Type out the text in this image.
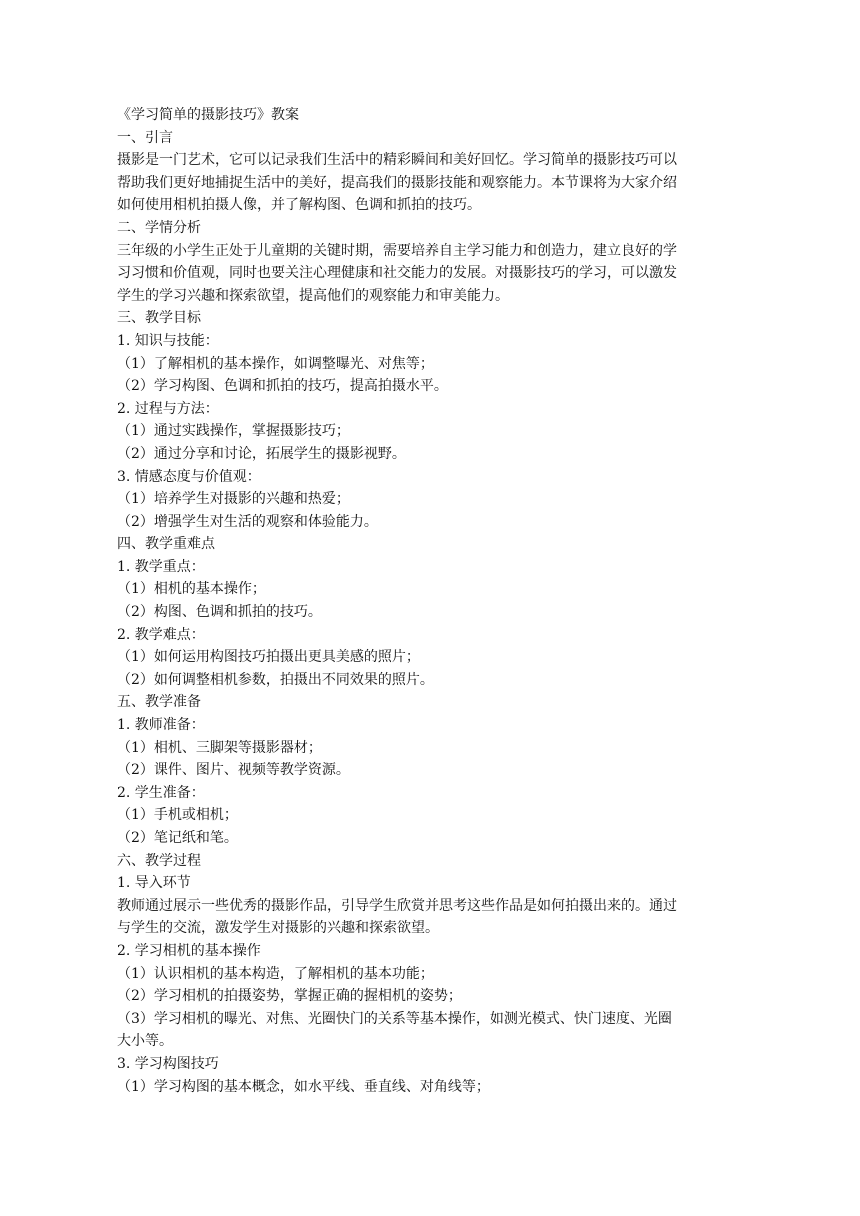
《学习简单的摄影技巧》教案
一、引言
摄影是一门艺术，它可以记录我们生活中的精彩瞬间和美好回忆。学习简单的摄影技巧可以
帮助我们更好地捕捉生活中的美好，提高我们的摄影技能和观察能力。本节课将为大家介绍
如何使用相机拍摄人像，并了解构图、色调和抓拍的技巧。
二、学情分析
三年级的小学生正处于儿童期的关键时期，需要培养自主学习能力和创造力，建立良好的学
习习惯和价值观，同时也要关注心理健康和社交能力的发展。对摄影技巧的学习，可以激发
学生的学习兴趣和探索欲望，提高他们的观察能力和审美能力。
三、教学目标
1. 知识与技能：
（1）了解相机的基本操作，如调整曝光、对焦等；
（2）学习构图、色调和抓拍的技巧，提高拍摄水平。
2. 过程与方法：
（1）通过实践操作，掌握摄影技巧；
（2）通过分享和讨论，拓展学生的摄影视野。
3. 情感态度与价值观：
（1）培养学生对摄影的兴趣和热爱；
（2）增强学生对生活的观察和体验能力。
四、教学重难点
1. 教学重点：
（1）相机的基本操作；
（2）构图、色调和抓拍的技巧。
2. 教学难点：
（1）如何运用构图技巧拍摄出更具美感的照片；
（2）如何调整相机参数，拍摄出不同效果的照片。
五、教学准备
1. 教师准备：
（1）相机、三脚架等摄影器材；
（2）课件、图片、视频等教学资源。
2. 学生准备：
（1）手机或相机；
（2）笔记纸和笔。
六、教学过程
1. 导入环节
教师通过展示一些优秀的摄影作品，引导学生欣赏并思考这些作品是如何拍摄出来的。通过
与学生的交流，激发学生对摄影的兴趣和探索欲望。
2. 学习相机的基本操作
（1）认识相机的基本构造，了解相机的基本功能；
（2）学习相机的拍摄姿势，掌握正确的握相机的姿势；
（3）学习相机的曝光、对焦、光圈快门的关系等基本操作，如测光模式、快门速度、光圈
大小等。
3. 学习构图技巧
（1）学习构图的基本概念，如水平线、垂直线、对角线等；
